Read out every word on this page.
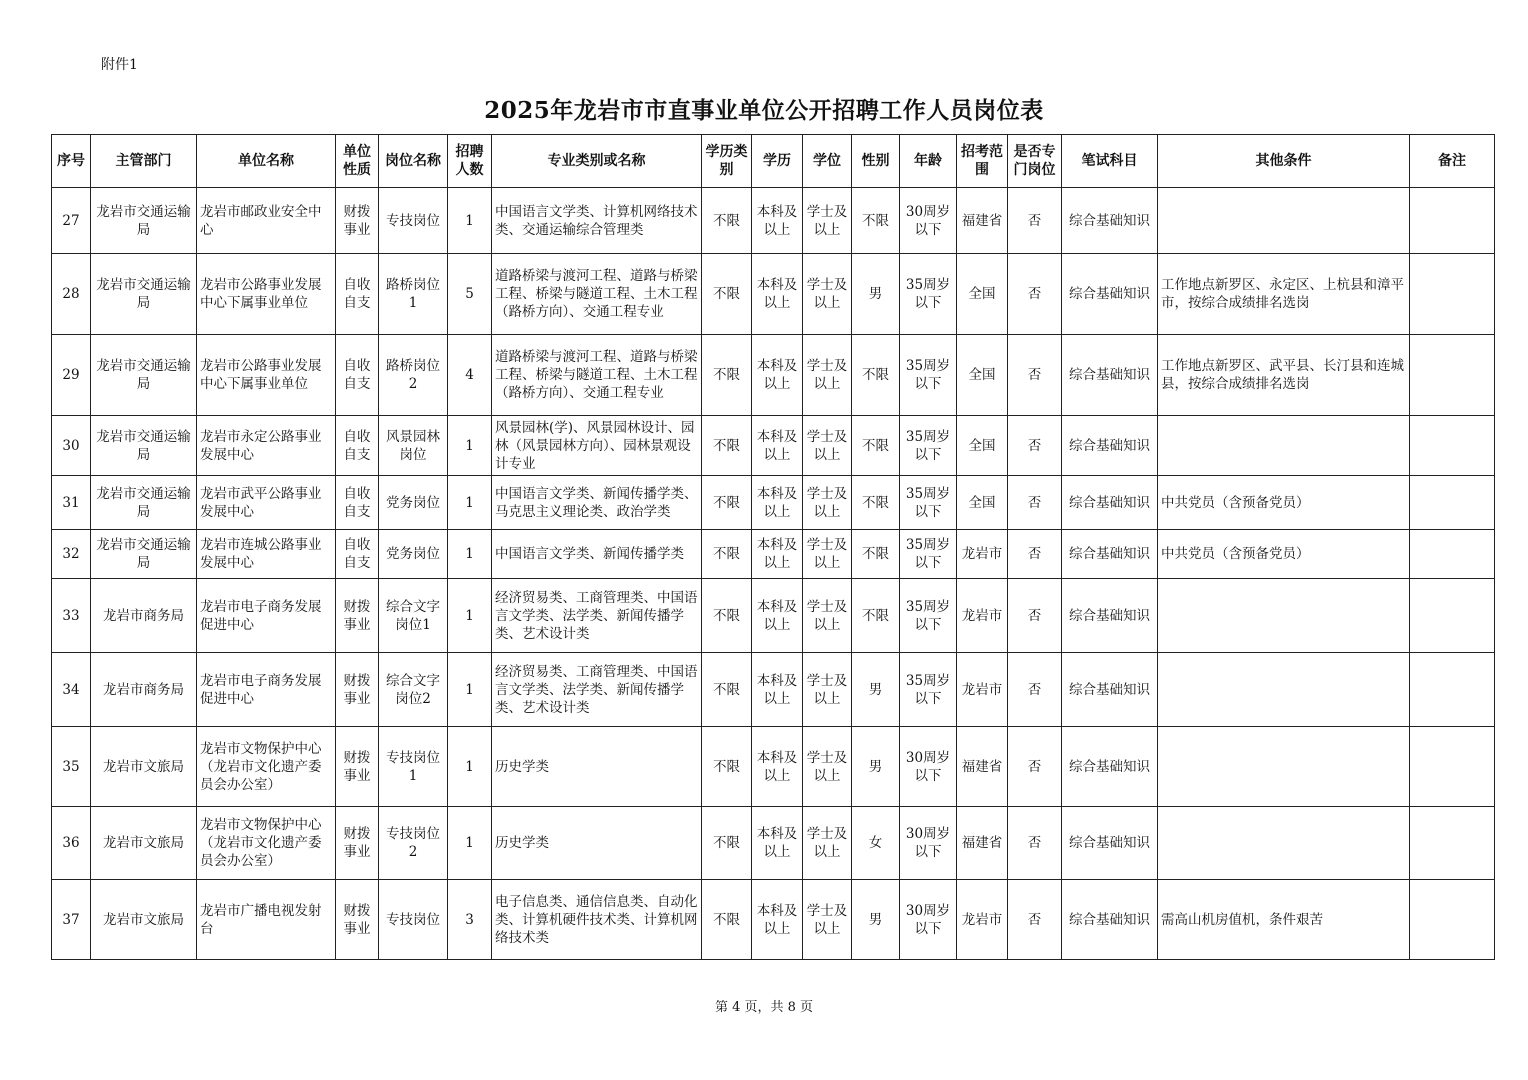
附件1
2025年龙岩市市直事业单位公开招聘工作人员岗位表
序号	主管部门	单位名称	单位性质	岗位名称	招聘人数	专业类别或名称	学历类别	学历	学位	性别	年龄	招考范围	是否专门岗位	笔试科目	其他条件	备注
27	龙岩市交通运输局	龙岩市邮政业安全中心	财拨事业	专技岗位	1	中国语言文学类、计算机网络技术类、交通运输综合管理类	不限	本科及以上	学士及以上	不限	30周岁以下	福建省	否	综合基础知识		
28	龙岩市交通运输局	龙岩市公路事业发展中心下属事业单位	自收自支	路桥岗位1	5	道路桥梁与渡河工程、道路与桥梁工程、桥梁与隧道工程、土木工程（路桥方向）、交通工程专业	不限	本科及以上	学士及以上	男	35周岁以下	全国	否	综合基础知识	工作地点新罗区、永定区、上杭县和漳平市，按综合成绩排名选岗	
29	龙岩市交通运输局	龙岩市公路事业发展中心下属事业单位	自收自支	路桥岗位2	4	道路桥梁与渡河工程、道路与桥梁工程、桥梁与隧道工程、土木工程（路桥方向）、交通工程专业	不限	本科及以上	学士及以上	不限	35周岁以下	全国	否	综合基础知识	工作地点新罗区、武平县、长汀县和连城县，按综合成绩排名选岗	
30	龙岩市交通运输局	龙岩市永定公路事业发展中心	自收自支	风景园林岗位	1	风景园林(学)、风景园林设计、园林（风景园林方向）、园林景观设计专业	不限	本科及以上	学士及以上	不限	35周岁以下	全国	否	综合基础知识		
31	龙岩市交通运输局	龙岩市武平公路事业发展中心	自收自支	党务岗位	1	中国语言文学类、新闻传播学类、马克思主义理论类、政治学类	不限	本科及以上	学士及以上	不限	35周岁以下	全国	否	综合基础知识	中共党员（含预备党员）	
32	龙岩市交通运输局	龙岩市连城公路事业发展中心	自收自支	党务岗位	1	中国语言文学类、新闻传播学类	不限	本科及以上	学士及以上	不限	35周岁以下	龙岩市	否	综合基础知识	中共党员（含预备党员）	
33	龙岩市商务局	龙岩市电子商务发展促进中心	财拨事业	综合文字岗位1	1	经济贸易类、工商管理类、中国语言文学类、法学类、新闻传播学类、艺术设计类	不限	本科及以上	学士及以上	不限	35周岁以下	龙岩市	否	综合基础知识		
34	龙岩市商务局	龙岩市电子商务发展促进中心	财拨事业	综合文字岗位2	1	经济贸易类、工商管理类、中国语言文学类、法学类、新闻传播学类、艺术设计类	不限	本科及以上	学士及以上	男	35周岁以下	龙岩市	否	综合基础知识		
35	龙岩市文旅局	龙岩市文物保护中心（龙岩市文化遗产委员会办公室）	财拨事业	专技岗位1	1	历史学类	不限	本科及以上	学士及以上	男	30周岁以下	福建省	否	综合基础知识		
36	龙岩市文旅局	龙岩市文物保护中心（龙岩市文化遗产委员会办公室）	财拨事业	专技岗位2	1	历史学类	不限	本科及以上	学士及以上	女	30周岁以下	福建省	否	综合基础知识		
37	龙岩市文旅局	龙岩市广播电视发射台	财拨事业	专技岗位	3	电子信息类、通信信息类、自动化类、计算机硬件技术类、计算机网络技术类	不限	本科及以上	学士及以上	男	30周岁以下	龙岩市	否	综合基础知识	需高山机房值机，条件艰苦	
第 4 页，共 8 页
